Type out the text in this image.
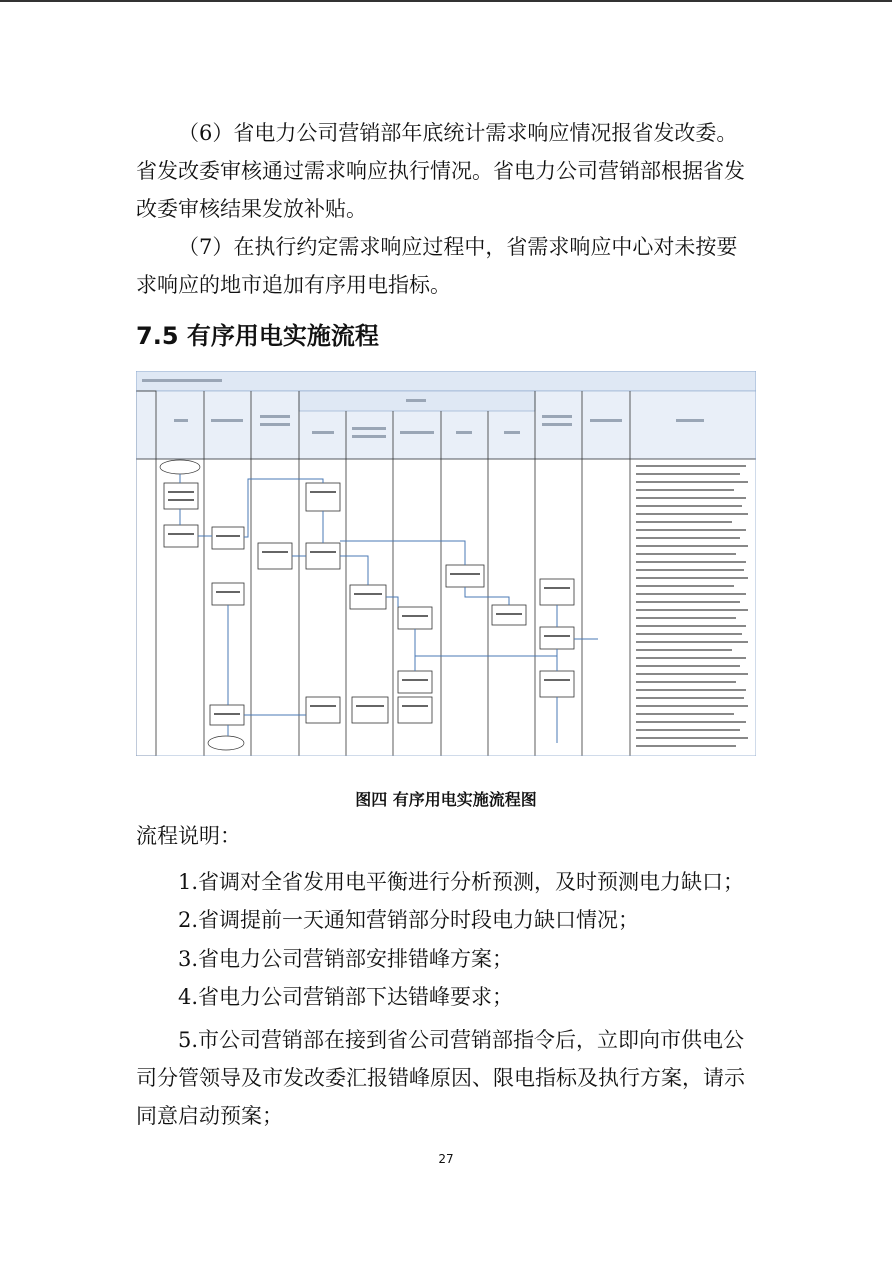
（6）省电力公司营销部年底统计需求响应情况报省发改委。省发改委审核通过需求响应执行情况。省电力公司营销部根据省发改委审核结果发放补贴。

（7）在执行约定需求响应过程中，省需求响应中心对未按要求响应的地市追加有序用电指标。

7.5 有序用电实施流程
图四 有序用电实施流程图

流程说明：

1.省调对全省发用电平衡进行分析预测，及时预测电力缺口；

2.省调提前一天通知营销部分时段电力缺口情况；

3.省电力公司营销部安排错峰方案；

4.省电力公司营销部下达错峰要求；

5.市公司营销部在接到省公司营销部指令后，立即向市供电公司分管领导及市发改委汇报错峰原因、限电指标及执行方案，请示同意启动预案；

27
